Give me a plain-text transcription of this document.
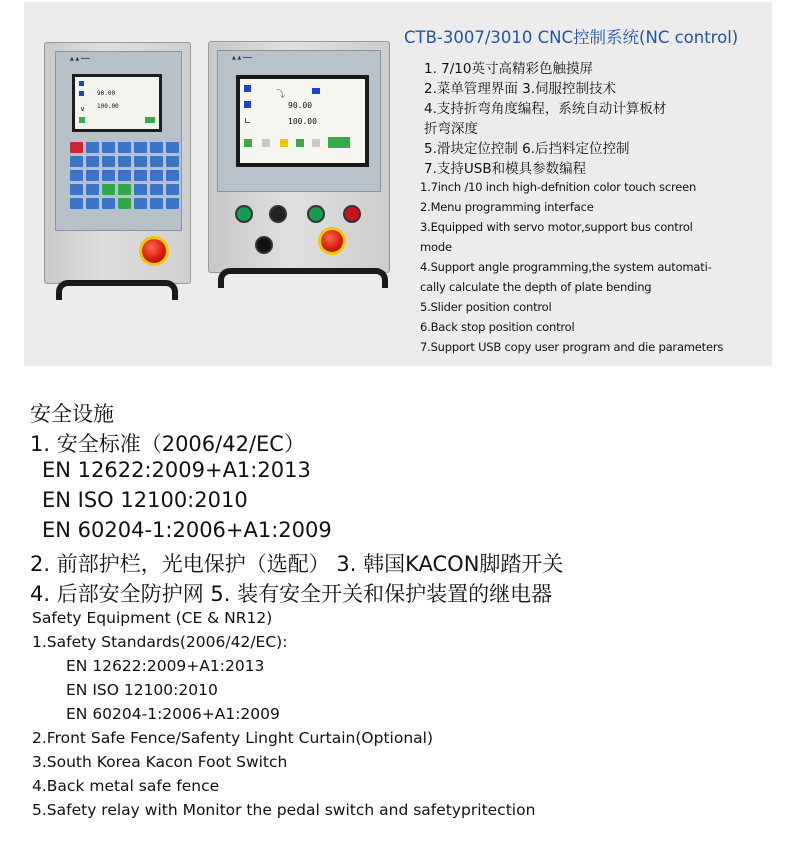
▲ ▲ ━━━
90.00
100.00
∨
▲ ▲ ━━━
⤵
90.00
∟	100.00
CTB-3007/3010 CNC控制系统(NC control)
1. 7/10英寸高精彩色触摸屏
2.菜单管理界面 3.伺服控制技术
4.支持折弯角度编程，系统自动计算板材
折弯深度
5.滑块定位控制 6.后挡料定位控制
7.支持USB和模具参数编程
1.7inch /10 inch high-defnition color touch screen
2.Menu programming interface
3.Equipped with servo motor,support bus control
mode
4.Support angle programming,the system automati-
cally calculate the depth of plate bending
5.Slider position control
6.Back stop position control
7.Support USB copy user program and die parameters
安全设施
1. 安全标准（2006/42/EC）
EN 12622:2009+A1:2013
EN ISO 12100:2010
EN 60204-1:2006+A1:2009
2. 前部护栏，光电保护（选配） 3. 韩国KACON脚踏开关
4. 后部安全防护网 5. 装有安全开关和保护装置的继电器
Safety Equipment (CE & NR12)
1.Safety Standards(2006/42/EC):
EN 12622:2009+A1:2013
EN ISO 12100:2010
EN 60204-1:2006+A1:2009
2.Front Safe Fence/Safenty Linght Curtain(Optional)
3.South Korea Kacon Foot Switch
4.Back metal safe fence
5.Safety relay with Monitor the pedal switch and safetypritection
